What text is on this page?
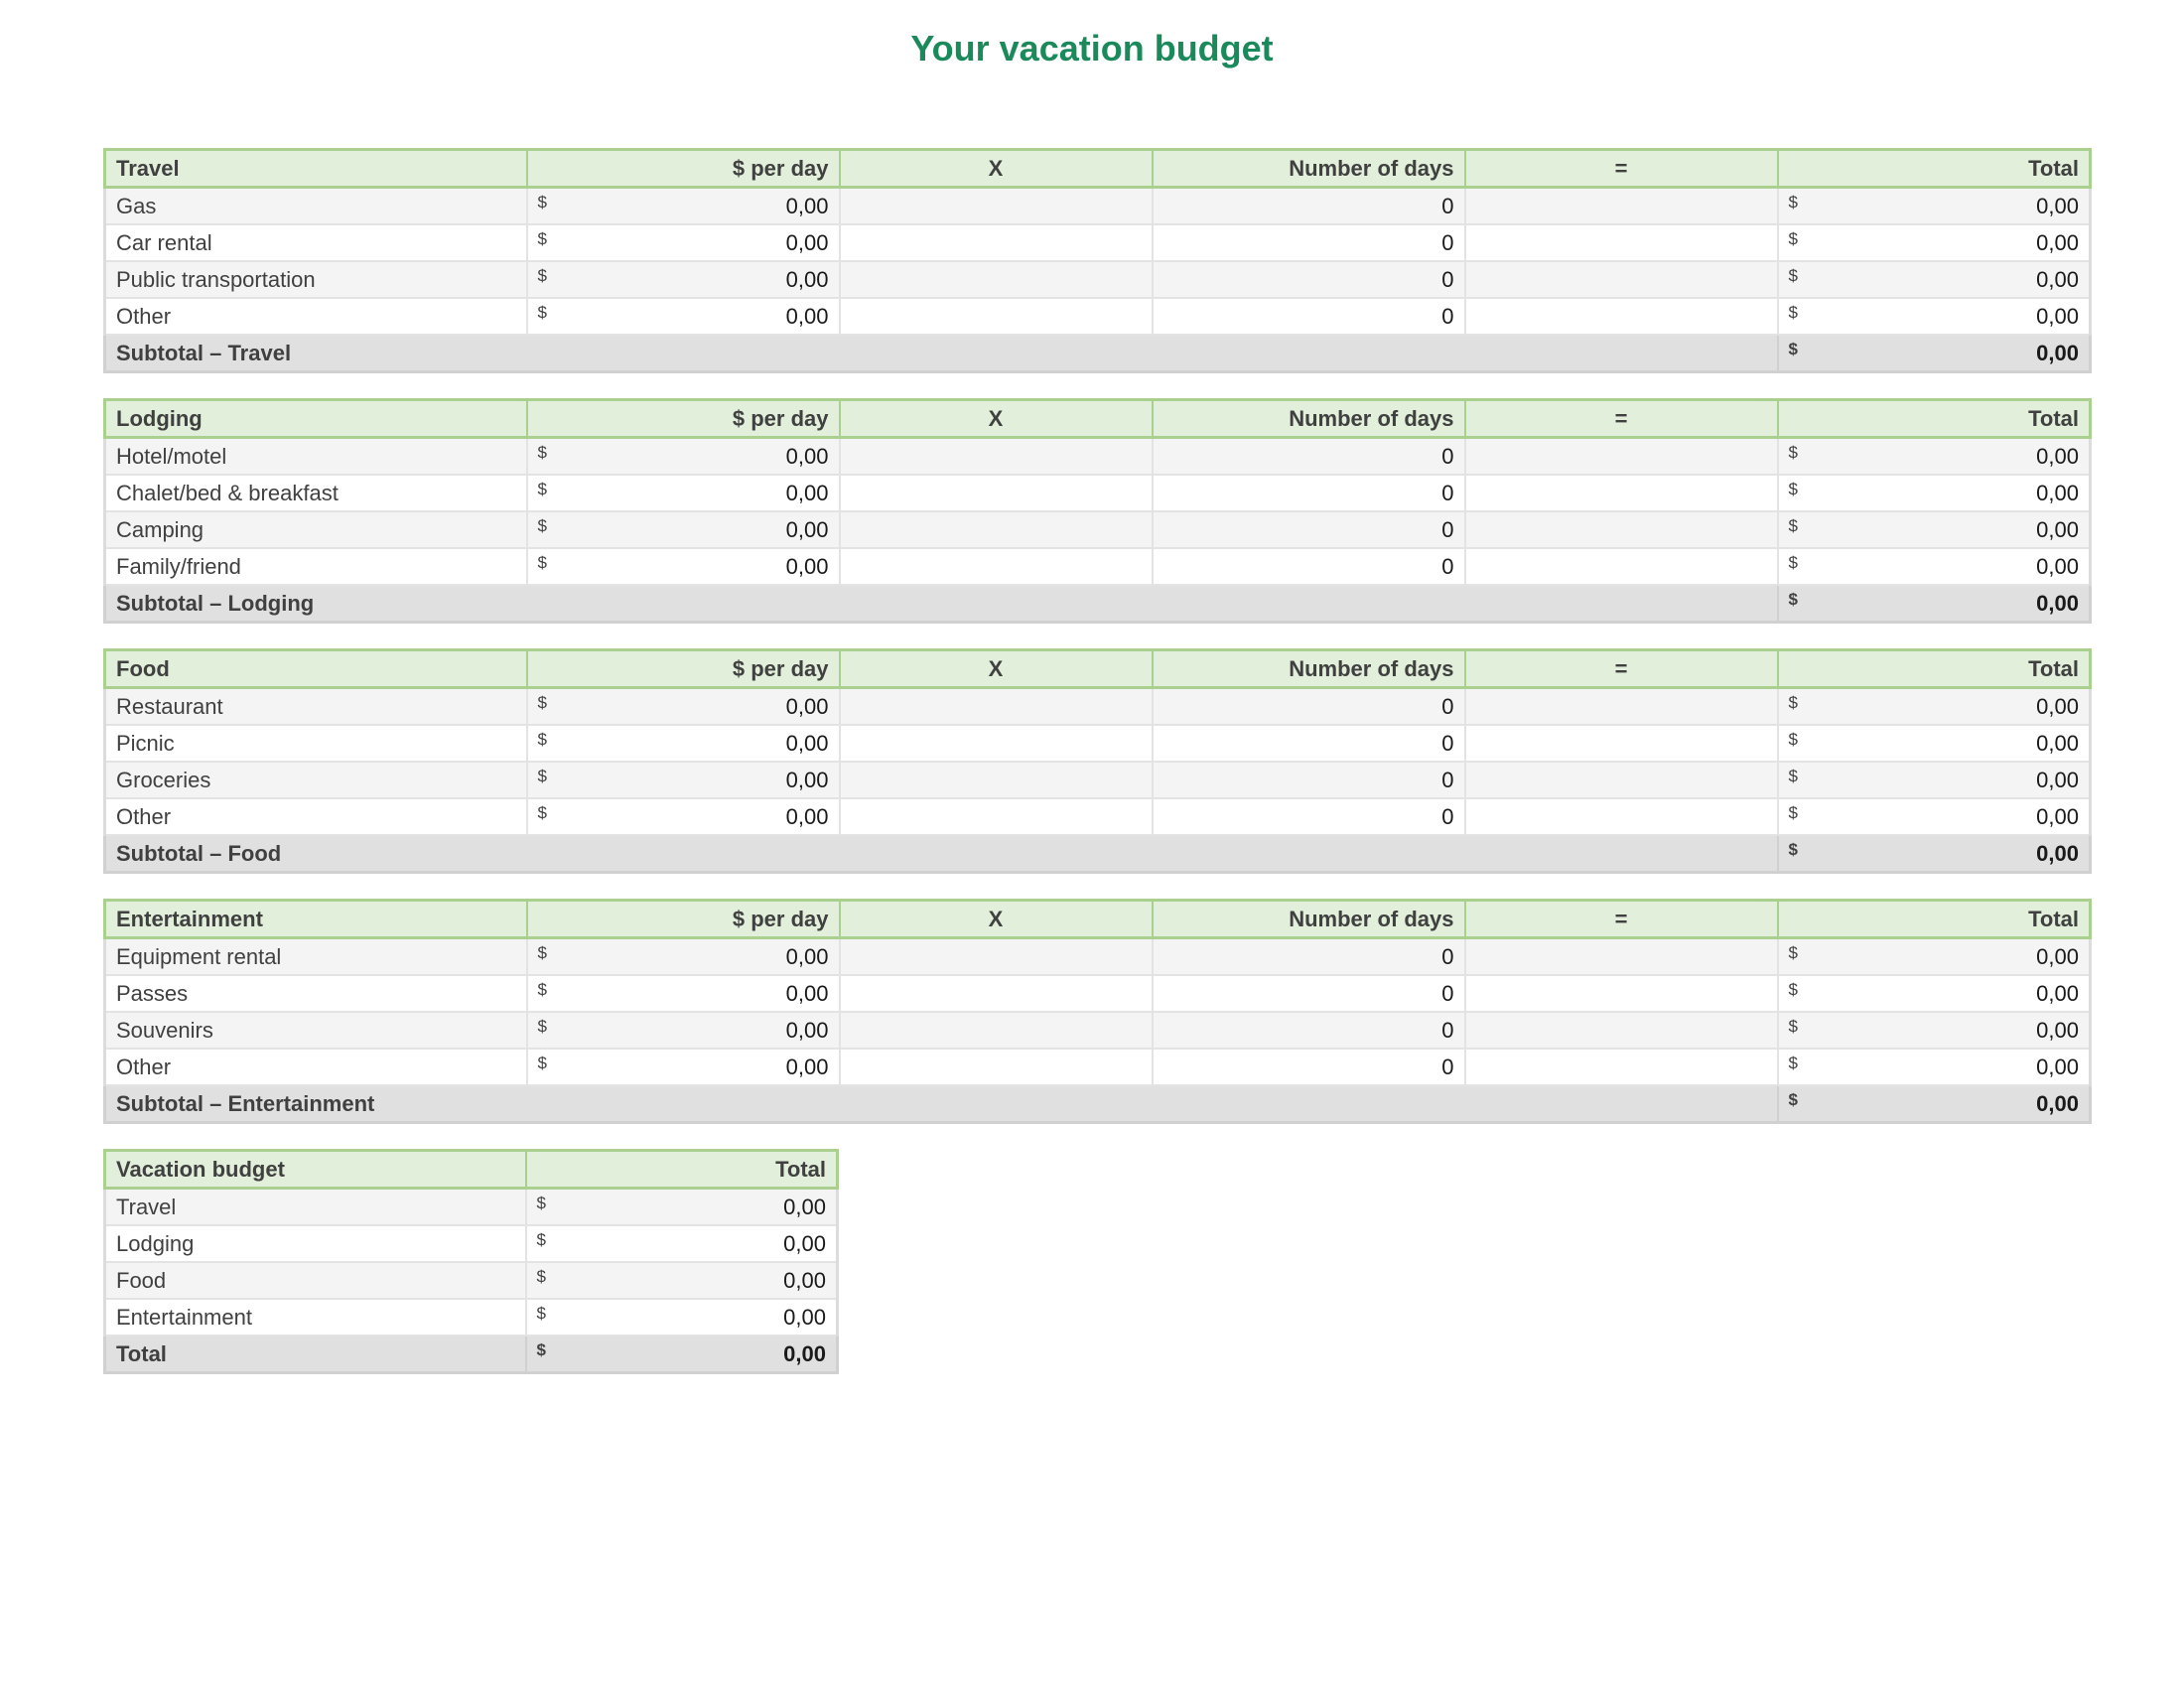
Your vacation budget
Travel	$ per day	X	Number of days	=	Total
Gas	$ 0,00		0		$ 0,00
Car rental	$ 0,00		0		$ 0,00
Public transportation	$ 0,00		0		$ 0,00
Other	$ 0,00		0		$ 0,00
Subtotal – Travel					$ 0,00
Lodging	$ per day	X	Number of days	=	Total
Hotel/motel	$ 0,00		0		$ 0,00
Chalet/bed & breakfast	$ 0,00		0		$ 0,00
Camping	$ 0,00		0		$ 0,00
Family/friend	$ 0,00		0		$ 0,00
Subtotal – Lodging					$ 0,00
Food	$ per day	X	Number of days	=	Total
Restaurant	$ 0,00		0		$ 0,00
Picnic	$ 0,00		0		$ 0,00
Groceries	$ 0,00		0		$ 0,00
Other	$ 0,00		0		$ 0,00
Subtotal – Food					$ 0,00
Entertainment	$ per day	X	Number of days	=	Total
Equipment rental	$ 0,00		0		$ 0,00
Passes	$ 0,00		0		$ 0,00
Souvenirs	$ 0,00		0		$ 0,00
Other	$ 0,00		0		$ 0,00
Subtotal – Entertainment					$ 0,00
Vacation budget	Total
Travel	$ 0,00
Lodging	$ 0,00
Food	$ 0,00
Entertainment	$ 0,00
Total	$ 0,00
